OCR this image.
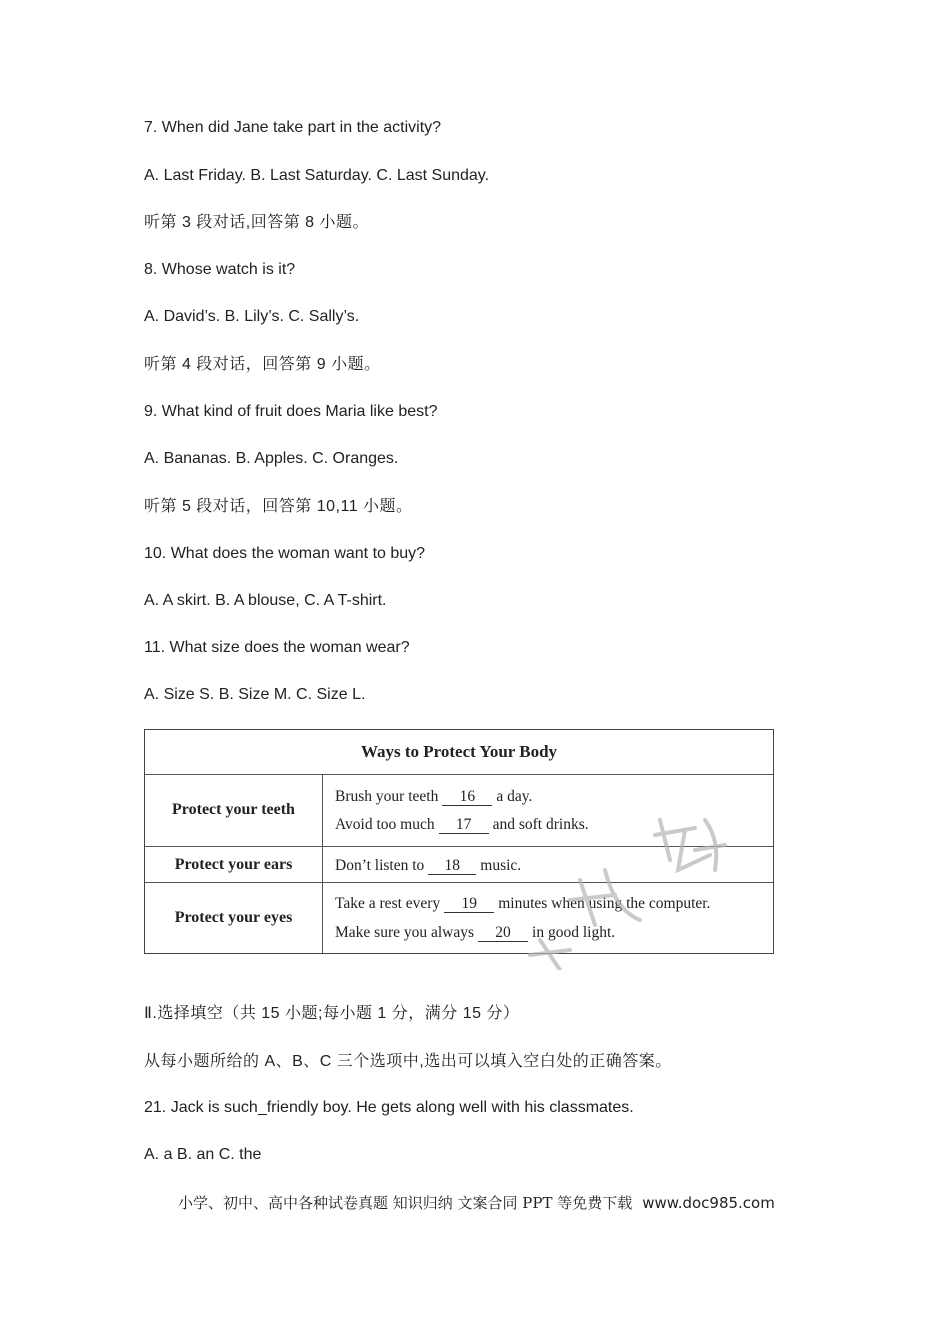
7. When did Jane take part in the activity?
A. Last Friday. B. Last Saturday. C. Last Sunday.
听第 3 段对话,回答第 8 小题。
8. Whose watch is it?
A. David’s. B. Lily’s. C. Sally’s.
听第 4 段对话，回答第 9 小题。
9. What kind of fruit does Maria like best?
A. Bananas. B. Apples. C. Oranges.
听第 5 段对话，回答第 10,11 小题。
10. What does the woman want to buy?
A. A skirt. B. A blouse, C. A T-shirt.
11. What size does the woman wear?
A. Size S. B. Size M. C. Size L.
Ways to Protect Your Body
Protect your teeth
Brush your teeth 16 a day.
Avoid too much 17 and soft drinks.
Protect your ears	Don’t listen to 18 music.
Protect your eyes
Take a rest every 19 minutes when using the computer.
Make sure you always 20 in good light.
Ⅱ.选择填空（共 15 小题;每小题 1 分，满分 15 分）
从每小题所给的 A、B、C 三个选项中,选出可以填入空白处的正确答案。
21. Jack is such_friendly boy. He gets along well with his classmates.
A. a B. an C. the
小学、初中、高中各种试卷真题 知识归纳 文案合同 PPT 等免费下载 www.doc985.com
